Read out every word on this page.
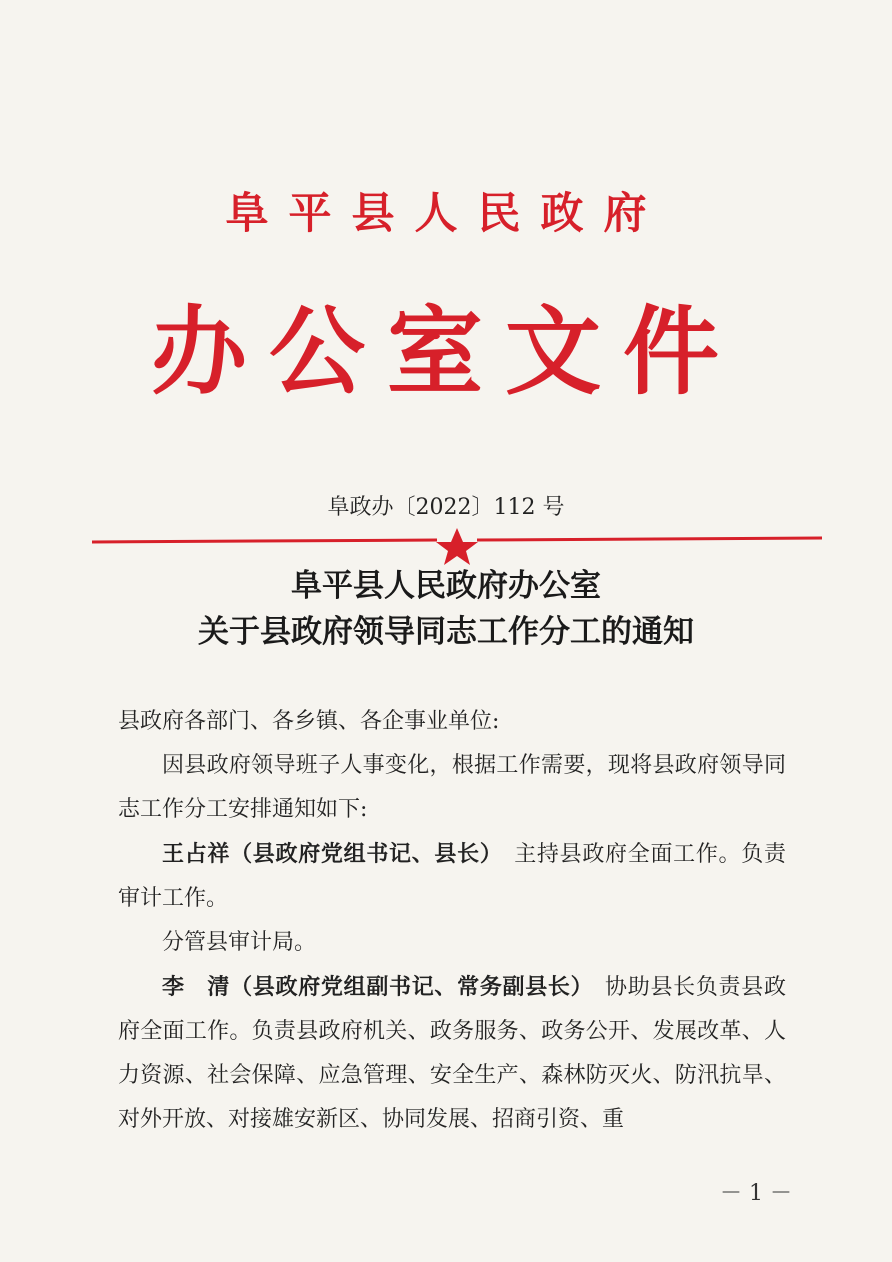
阜平县人民政府
办公室文件
阜政办〔2022〕112 号
阜平县人民政府办公室
关于县政府领导同志工作分工的通知

县政府各部门、各乡镇、各企事业单位:

因县政府领导班子人事变化，根据工作需要，现将县政府领导同志工作分工安排通知如下:

王占祥（县政府党组书记、县长）　 主持县政府全面工作。负责审计工作。

分管县审计局。

李　清（县政府党组副书记、常务副县长）　 协助县长负责县政府全面工作。负责县政府机关、政务服务、政务公开、发展改革、人力资源、社会保障、应急管理、安全生产、森林防灭火、防汛抗旱、对外开放、对接雄安新区、协同发展、招商引资、重

－ 1 －
